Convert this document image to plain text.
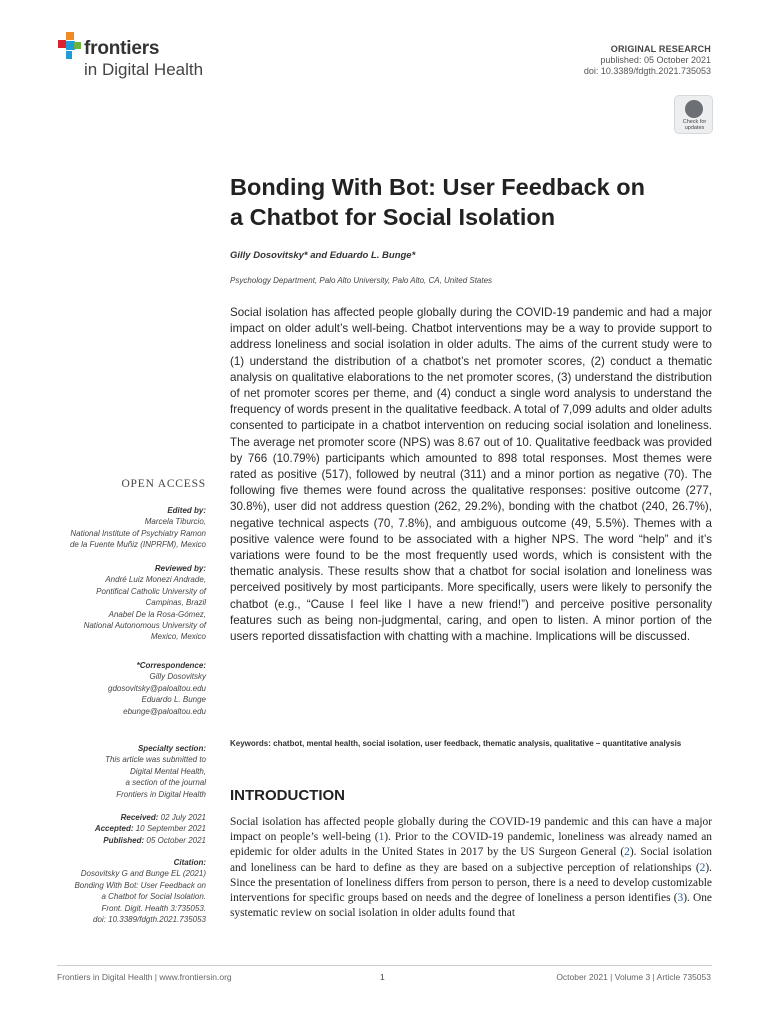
frontiers
in Digital Health
ORIGINAL RESEARCH
published: 05 October 2021
doi: 10.3389/fdgth.2021.735053
Check for
updates
Bonding With Bot: User Feedback on
a Chatbot for Social Isolation
Gilly Dosovitsky* and Eduardo L. Bunge*
Psychology Department, Palo Alto University, Palo Alto, CA, United States

Social isolation has affected people globally during the COVID-19 pandemic and had a major impact on older adult’s well-being. Chatbot interventions may be a way to provide support to address loneliness and social isolation in older adults. The aims of the current study were to (1) understand the distribution of a chatbot’s net promoter scores, (2) conduct a thematic analysis on qualitative elaborations to the net promoter scores, (3) understand the distribution of net promoter scores per theme, and (4) conduct a single word analysis to understand the frequency of words present in the qualitative feedback. A total of 7,099 adults and older adults consented to participate in a chatbot intervention on reducing social isolation and loneliness. The average net promoter score (NPS) was 8.67 out of 10. Qualitative feedback was provided by 766 (10.79%) participants which amounted to 898 total responses. Most themes were rated as positive (517), followed by neutral (311) and a minor portion as negative (70). The following five themes were found across the qualitative responses: positive outcome (277, 30.8%), user did not address question (262, 29.2%), bonding with the chatbot (240, 26.7%), negative technical aspects (70, 7.8%), and ambiguous outcome (49, 5.5%). Themes with a positive valence were found to be associated with a higher NPS. The word “help” and it’s variations were found to be the most frequently used words, which is consistent with the thematic analysis. These results show that a chatbot for social isolation and loneliness was perceived positively by most participants. More specifically, users were likely to personify the chatbot (e.g., “Cause I feel like I have a new friend!”) and perceive positive personality features such as being non-judgmental, caring, and open to listen. A minor portion of the users reported dissatisfaction with chatting with a machine. Implications will be discussed.

Keywords: chatbot, mental health, social isolation, user feedback, thematic analysis, qualitative – quantitative analysis

INTRODUCTION

Social isolation has affected people globally during the COVID-19 pandemic and this can have a major impact on people’s well-being (1). Prior to the COVID-19 pandemic, loneliness was already named an epidemic for older adults in the United States in 2017 by the US Surgeon General (2). Social isolation and loneliness can be hard to define as they are based on a subjective perception of relationships (2). Since the presentation of loneliness differs from person to person, there is a need to develop customizable interventions for specific groups based on needs and the degree of loneliness a person identifies (3). One systematic review on social isolation in older adults found that

OPEN ACCESS
Edited by:
Marcela Tiburcio,
National Institute of Psychiatry Ramon
de la Fuente Muñiz (INPRFM), Mexico
Reviewed by:
André Luiz Monezi Andrade,
Pontifical Catholic University of
Campinas, Brazil
Anabel De la Rosa-Gómez,
National Autonomous University of
Mexico, Mexico
*Correspondence:
Gilly Dosovitsky
gdosovitsky@paloaltou.edu
Eduardo L. Bunge
ebunge@paloaltou.edu
Specialty section:
This article was submitted to
Digital Mental Health,
a section of the journal
Frontiers in Digital Health
Received: 02 July 2021
Accepted: 10 September 2021
Published: 05 October 2021
Citation:
Dosovitsky G and Bunge EL (2021)
Bonding With Bot: User Feedback on
a Chatbot for Social Isolation.
Front. Digit. Health 3:735053.
doi: 10.3389/fdgth.2021.735053
Frontiers in Digital Health | www.frontiersin.org	1	October 2021 | Volume 3 | Article 735053
